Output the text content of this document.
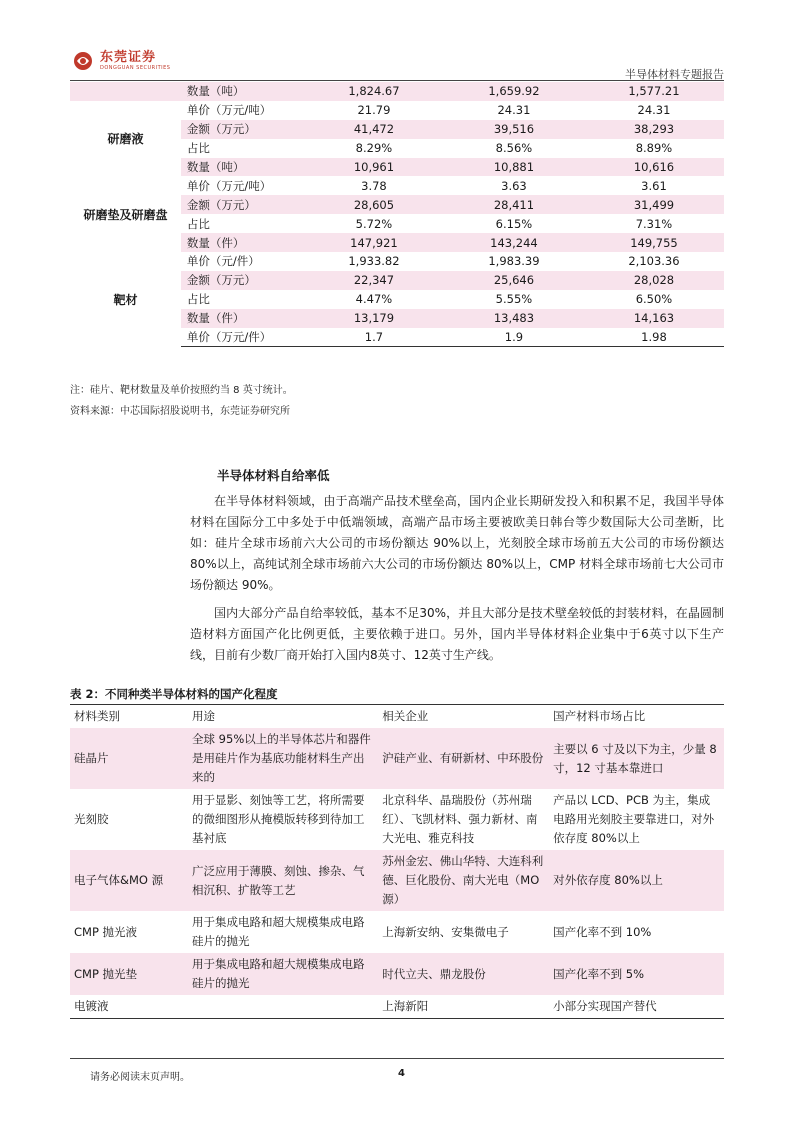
东莞证券
DONGGUAN SECURITIES
半导体材料专题报告
	数量（吨）	1,824.67	1,659.92	1,577.21
研磨液	单价（万元/吨）	21.79	24.31	24.31
	金额（万元）	41,472	39,516	38,293
	占比	8.29%	8.56%	8.89%
	数量（吨）	10,961	10,881	10,616
研磨垫及研磨盘	单价（万元/吨）	3.78	3.63	3.61
	金额（万元）	28,605	28,411	31,499
	占比	5.72%	6.15%	7.31%
	数量（件）	147,921	143,244	149,755
靶材	单价（元/件）	1,933.82	1,983.39	2,103.36
	金额（万元）	22,347	25,646	28,028
	占比	4.47%	5.55%	6.50%
	数量（件）	13,179	13,483	14,163
	单价（万元/件）	1.7	1.9	1.98
注：硅片、靶材数量及单价按照约当 8 英寸统计。
资料来源：中芯国际招股说明书，东莞证券研究所
半导体材料自给率低

在半导体材料领域，由于高端产品技术壁垒高，国内企业长期研发投入和积累不足，我国半导体材料在国际分工中多处于中低端领域，高端产品市场主要被欧美日韩台等少数国际大公司垄断，比如：硅片全球市场前六大公司的市场份额达 90%以上，光刻胶全球市场前五大公司的市场份额达 80%以上，高纯试剂全球市场前六大公司的市场份额达 80%以上，CMP 材料全球市场前七大公司市场份额达 90%。

国内大部分产品自给率较低，基本不足30%，并且大部分是技术壁垒较低的封装材料，在晶圆制造材料方面国产化比例更低，主要依赖于进口。另外，国内半导体材料企业集中于6英寸以下生产线，目前有少数厂商开始打入国内8英寸、12英寸生产线。

表 2：不同种类半导体材料的国产化程度
材料类别	用途	相关企业	国产材料市场占比
硅晶片	全球 95%以上的半导体芯片和器件是用硅片作为基底功能材料生产出来的	沪硅产业、有研新材、中环股份	主要以 6 寸及以下为主，少量 8 寸，12 寸基本靠进口
光刻胶	用于显影、刻蚀等工艺，将所需要的微细图形从掩模版转移到待加工基衬底	北京科华、晶瑞股份（苏州瑞红）、飞凯材料、强力新材、南大光电、雅克科技	产品以 LCD、PCB 为主，集成电路用光刻胶主要靠进口，对外依存度 80%以上
电子气体&MO 源	广泛应用于薄膜、刻蚀、掺杂、气相沉积、扩散等工艺	苏州金宏、佛山华特、大连科利德、巨化股份、南大光电（MO 源）	对外依存度 80%以上
CMP 抛光液	用于集成电路和超大规模集成电路硅片的抛光	上海新安纳、安集微电子	国产化率不到 10%
CMP 抛光垫	用于集成电路和超大规模集成电路硅片的抛光	时代立夫、鼎龙股份	国产化率不到 5%
电镀液		上海新阳	小部分实现国产替代
请务必阅读末页声明。	4
